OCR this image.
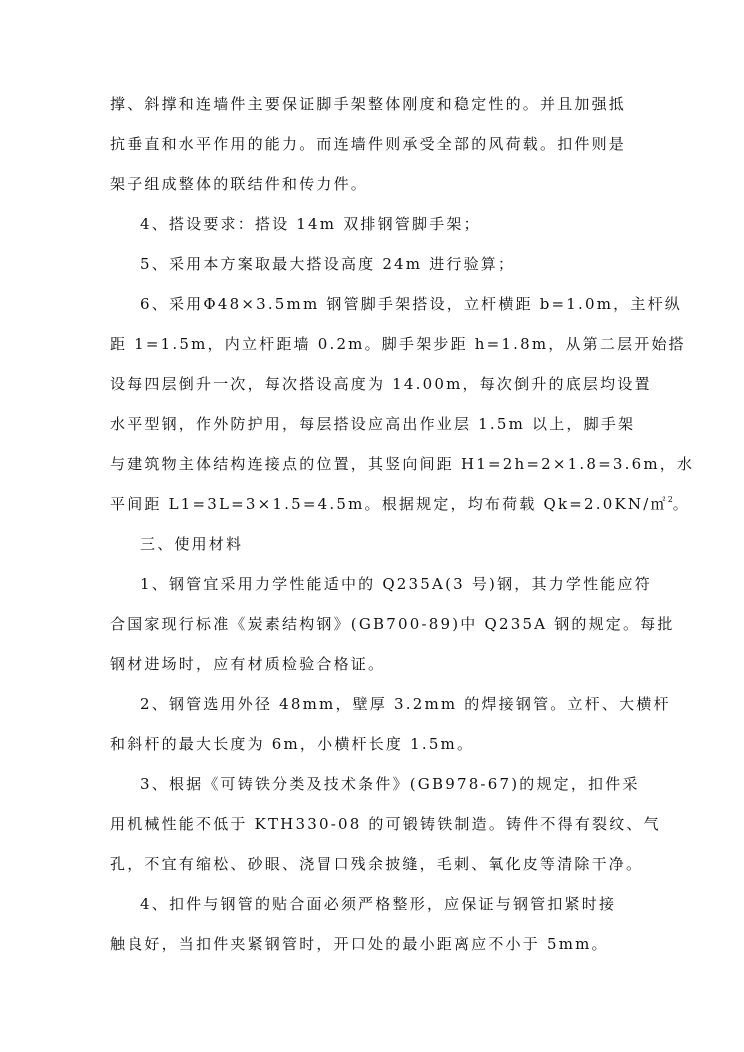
撑、斜撑和连墙件主要保证脚手架整体刚度和稳定性的。并且加强抵
抗垂直和水平作用的能力。而连墙件则承受全部的风荷载。扣件则是
架子组成整体的联结件和传力件。
4、搭设要求：搭设 14m 双排钢管脚手架；
5、采用本方案取最大搭设高度 24m 进行验算；
6、采用Φ48×3.5mm 钢管脚手架搭设，立杆横距 b=1.0m，主杆纵
距 1=1.5m，内立杆距墙 0.2m。脚手架步距 h=1.8m，从第二层开始搭
设每四层倒升一次，每次搭设高度为 14.00m，每次倒升的底层均设置
水平型钢，作外防护用，每层搭设应高出作业层 1.5m 以上，脚手架
与建筑物主体结构连接点的位置，其竖向间距 H1=2h=2×1.8=3.6m，水
平间距 L1=3L=3×1.5=4.5m。根据规定，均布荷载 Qk=2.0KN/㎡$^2$。
三、使用材料
1、钢管宜采用力学性能适中的 Q235A(3 号)钢，其力学性能应符
合国家现行标准《炭素结构钢》(GB700-89)中 Q235A 钢的规定。每批
钢材进场时，应有材质检验合格证。
2、钢管选用外径 48mm，壁厚 3.2mm 的焊接钢管。立杆、大横杆
和斜杆的最大长度为 6m，小横杆长度 1.5m。
3、根据《可铸铁分类及技术条件》(GB978-67)的规定，扣件采
用机械性能不低于 KTH330-08 的可锻铸铁制造。铸件不得有裂纹、气
孔，不宜有缩松、砂眼、浇冒口残余披缝，毛刺、氧化皮等清除干净。
4、扣件与钢管的贴合面必须严格整形，应保证与钢管扣紧时接
触良好，当扣件夹紧钢管时，开口处的最小距离应不小于 5mm。
